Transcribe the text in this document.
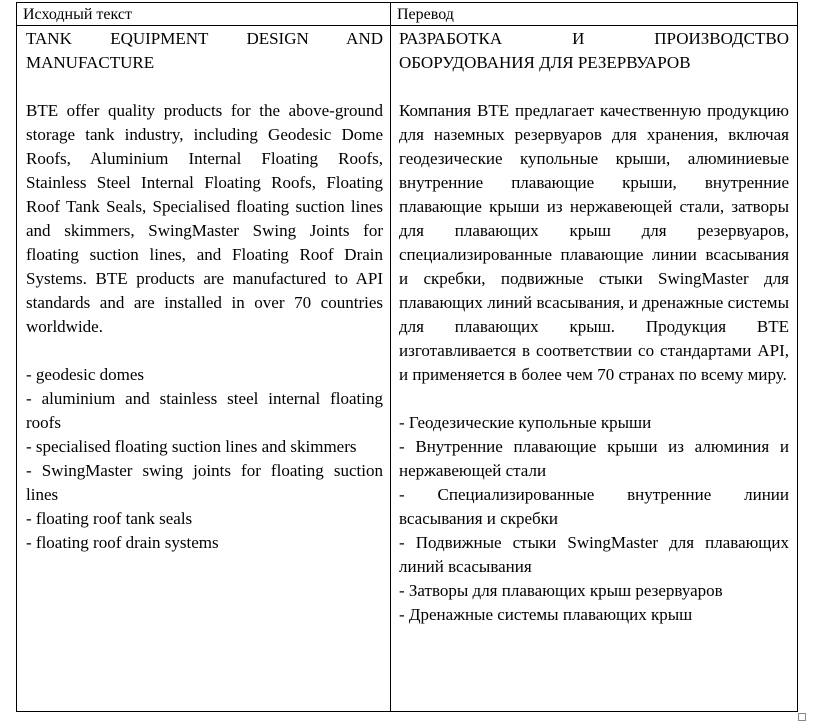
Исходный текст	Перевод

TANK EQUIPMENT DESIGN AND MANUFACTURE

BTE offer quality products for the above-ground storage tank industry, including Geodesic Dome Roofs, Aluminium Internal Floating Roofs, Stainless Steel Internal Floating Roofs, Floating Roof Tank Seals, Specialised floating suction lines and skimmers, SwingMaster Swing Joints for floating suction lines, and Floating Roof Drain Systems. BTE products are manufactured to API standards and are installed in over 70 countries worldwide.

- geodesic domes

- aluminium and stainless steel internal floating roofs

- specialised floating suction lines and skimmers

- SwingMaster swing joints for floating suction lines

- floating roof tank seals

- floating roof drain systems

РАЗРАБОТКА И ПРОИЗВОДСТВО ОБОРУДОВАНИЯ ДЛЯ РЕЗЕРВУАРОВ

Компания BTE предлагает качественную продукцию для наземных резервуаров для хранения, включая геодезические купольные крыши, алюминиевые внутренние плавающие крыши, внутренние плавающие крыши из нержавеющей стали, затворы для плавающих крыш для резервуаров, специализированные плавающие линии всасывания и скребки, подвижные стыки SwingMaster для плавающих линий всасывания, и дренажные системы для плавающих крыш. Продукция BTE изготавливается в соответствии со стандартами API, и применяется в более чем 70 странах по всему миру.

- Геодезические купольные крыши

- Внутренние плавающие крыши из алюминия и нержавеющей стали

- Специализированные внутренние линии всасывания и скребки

- Подвижные стыки SwingMaster для плавающих линий всасывания

- Затворы для плавающих крыш резервуаров

- Дренажные системы плавающих крыш
